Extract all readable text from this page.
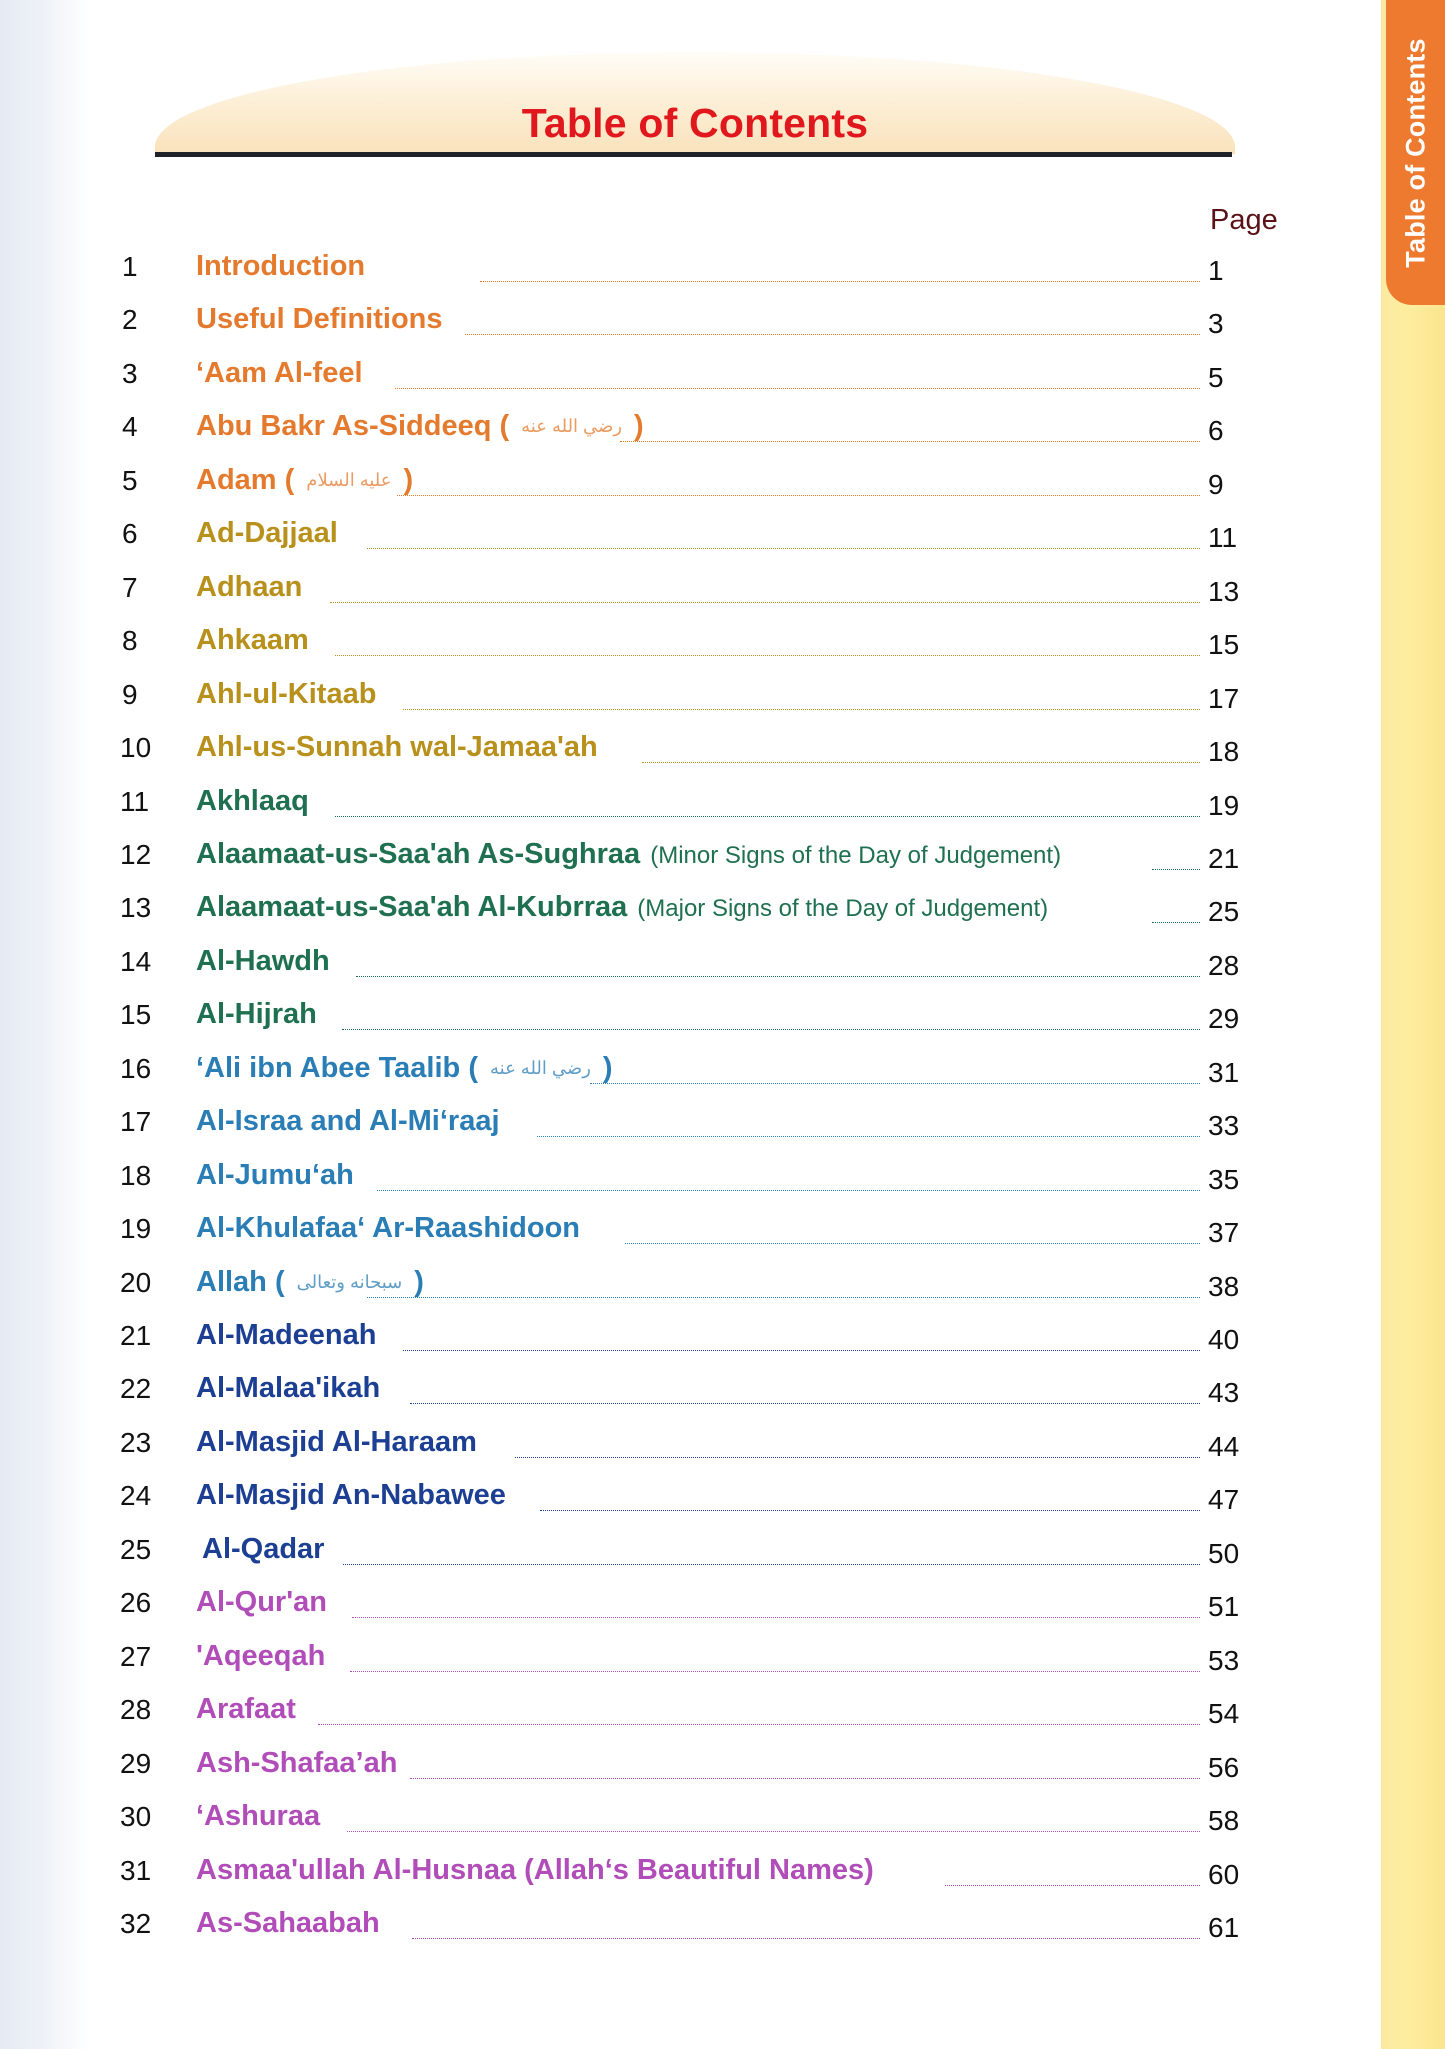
Table of Contents
Table of Contents
Page
1 Introduction	1
2 Useful Definitions	3
3 ‘Aam Al-feel	5
4 Abu Bakr As-Siddeeq ( رضي الله عنه )	6
5 Adam ( عليه السلام )	9
6 Ad-Dajjaal	11
7 Adhaan	13
8 Ahkaam	15
9 Ahl-ul-Kitaab	17
10 Ahl-us-Sunnah wal-Jamaa'ah	18
11 Akhlaaq	19
12 Alaamaat-us-Saa'ah As-Sughraa (Minor Signs of the Day of Judgement)	21
13 Alaamaat-us-Saa'ah Al-Kubrraa (Major Signs of the Day of Judgement)	25
14 Al-Hawdh	28
15 Al-Hijrah	29
16 ‘Ali ibn Abee Taalib ( رضي الله عنه )	31
17 Al-Israa and Al-Mi‘raaj	33
18 Al-Jumu‘ah	35
19 Al-Khulafaa‘ Ar-Raashidoon	37
20 Allah ( سبحانه وتعالى )	38
21 Al-Madeenah	40
22 Al-Malaa'ikah	43
23 Al-Masjid Al-Haraam	44
24 Al-Masjid An-Nabawee	47
25 Al-Qadar	50
26 Al-Qur'an	51
27 'Aqeeqah	53
28 Arafaat	54
29 Ash-Shafaa’ah	56
30 ‘Ashuraa	58
31 Asmaa'ullah Al-Husnaa (Allah‘s Beautiful Names)	60
32 As-Sahaabah	61
